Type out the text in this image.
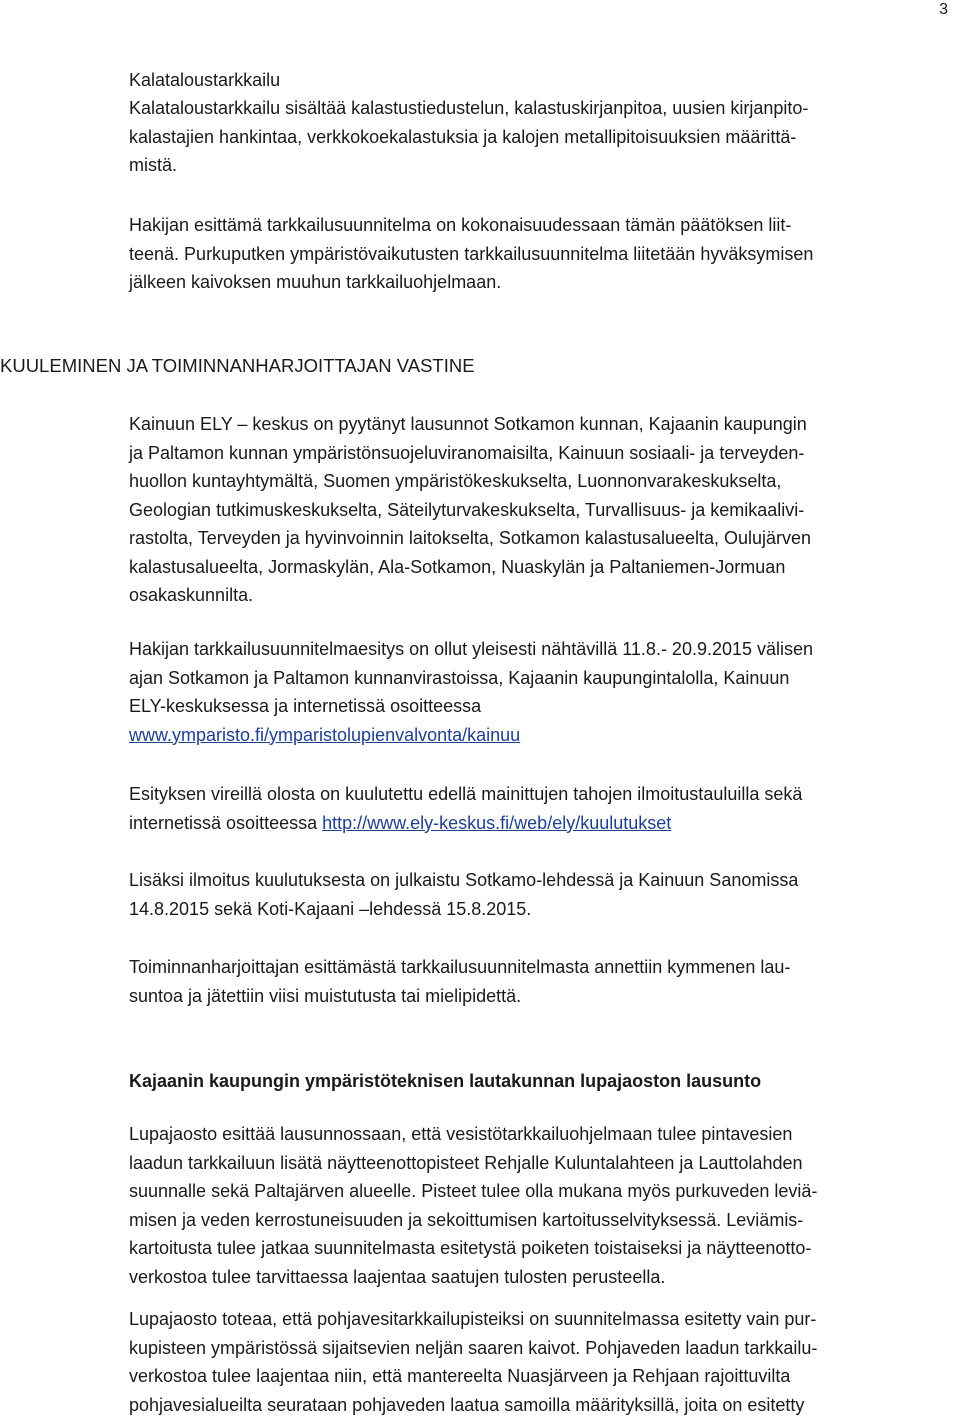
3
Kalataloustarkkailu
Kalataloustarkkailu sisältää kalastustiedustelun, kalastuskirjanpitoa, uusien kirjanpito-
kalastajien hankintaa, verkkokoekalastuksia ja kalojen metallipitoisuuksien määrittä-
mistä.
Hakijan esittämä tarkkailusuunnitelma on kokonaisuudessaan tämän päätöksen liit-
teenä. Purkuputken ympäristövaikutusten tarkkailusuunnitelma liitetään hyväksymisen
jälkeen kaivoksen muuhun tarkkailuohjelmaan.
KUULEMINEN JA TOIMINNANHARJOITTAJAN VASTINE
Kainuun ELY – keskus on pyytänyt lausunnot Sotkamon kunnan, Kajaanin kaupungin
ja Paltamon kunnan ympäristönsuojeluviranomaisilta, Kainuun sosiaali- ja terveyden-
huollon kuntayhtymältä, Suomen ympäristökeskukselta, Luonnonvarakeskukselta,
Geologian tutkimuskeskukselta, Säteilyturvakeskukselta, Turvallisuus- ja kemikaalivi-
rastolta, Terveyden ja hyvinvoinnin laitokselta, Sotkamon kalastusalueelta, Oulujärven
kalastusalueelta, Jormaskylän, Ala-Sotkamon, Nuaskylän ja Paltaniemen-Jormuan
osakaskunnilta.
Hakijan tarkkailusuunnitelmaesitys on ollut yleisesti nähtävillä 11.8.- 20.9.2015 välisen
ajan Sotkamon ja Paltamon kunnanvirastoissa, Kajaanin kaupungintalolla, Kainuun
ELY-keskuksessa ja internetissä osoitteessa
www.ymparisto.fi/ymparistolupienvalvonta/kainuu
Esityksen vireillä olosta on kuulutettu edellä mainittujen tahojen ilmoitustauluilla sekä
internetissä osoitteessa http://www.ely-keskus.fi/web/ely/kuulutukset
Lisäksi ilmoitus kuulutuksesta on julkaistu Sotkamo-lehdessä ja Kainuun Sanomissa
14.8.2015 sekä Koti-Kajaani –lehdessä 15.8.2015.
Toiminnanharjoittajan esittämästä tarkkailusuunnitelmasta annettiin kymmenen lau-
suntoa ja jätettiin viisi muistutusta tai mielipidettä.
Kajaanin kaupungin ympäristöteknisen lautakunnan lupajaoston lausunto
Lupajaosto esittää lausunnossaan, että vesistötarkkailuohjelmaan tulee pintavesien
laadun tarkkailuun lisätä näytteenottopisteet Rehjalle Kuluntalahteen ja Lauttolahden
suunnalle sekä Paltajärven alueelle. Pisteet tulee olla mukana myös purkuveden leviä-
misen ja veden kerrostuneisuuden ja sekoittumisen kartoitusselvityksessä. Leviämis-
kartoitusta tulee jatkaa suunnitelmasta esitetystä poiketen toistaiseksi ja näytteenotto-
verkostoa tulee tarvittaessa laajentaa saatujen tulosten perusteella.
Lupajaosto toteaa, että pohjavesitarkkailupisteiksi on suunnitelmassa esitetty vain pur-
kupisteen ympäristössä sijaitsevien neljän saaren kaivot. Pohjaveden laadun tarkkailu-
verkostoa tulee laajentaa niin, että mantereelta Nuasjärveen ja Rehjaan rajoittuvilta
pohjavesialueilta seurataan pohjaveden laatua samoilla määrityksillä, joita on esitetty
